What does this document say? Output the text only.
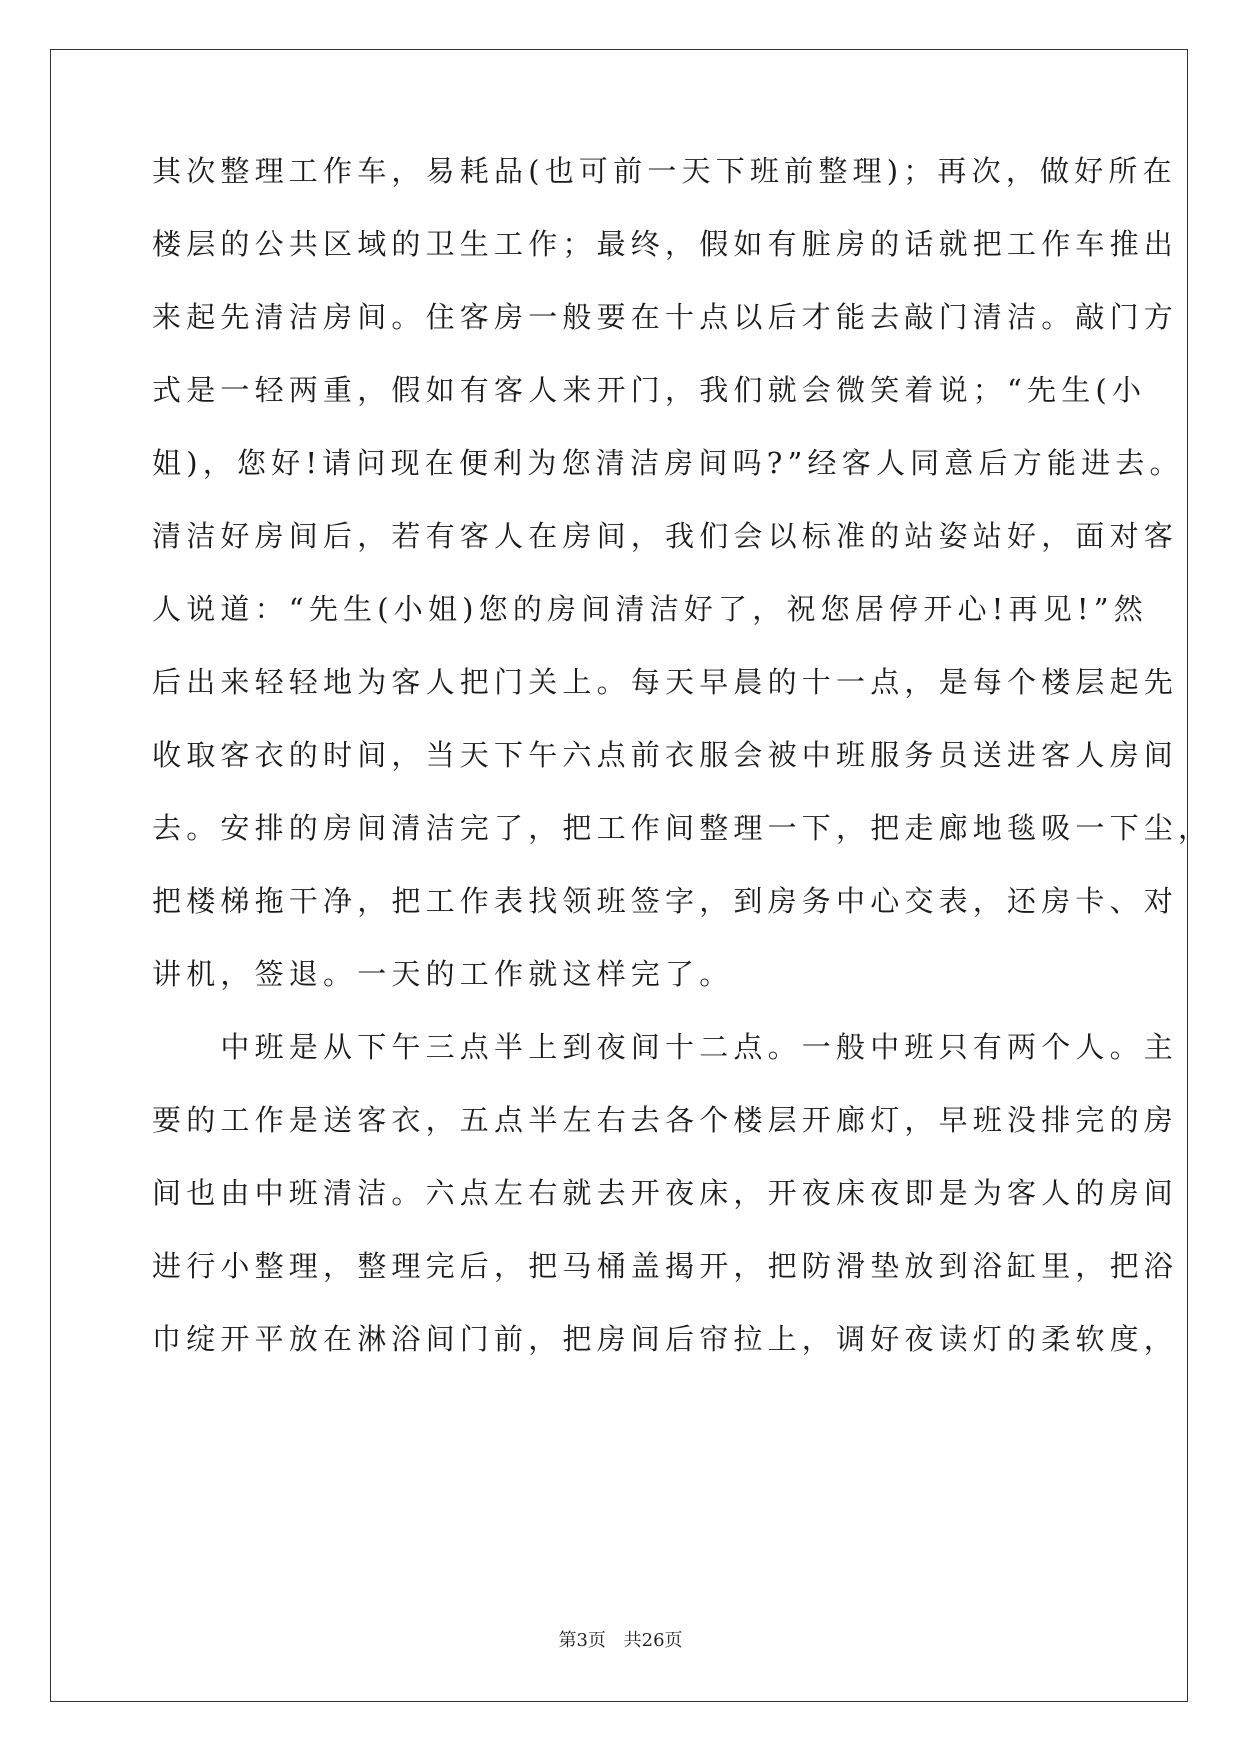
其次整理工作车，易耗品(也可前一天下班前整理)；再次，做好所在
楼层的公共区域的卫生工作；最终，假如有脏房的话就把工作车推出
来起先清洁房间。住客房一般要在十点以后才能去敲门清洁。敲门方
式是一轻两重，假如有客人来开门，我们就会微笑着说；“先生(小
姐)，您好!请问现在便利为您清洁房间吗?”经客人同意后方能进去。
清洁好房间后，若有客人在房间，我们会以标准的站姿站好，面对客
人说道：“先生(小姐)您的房间清洁好了，祝您居停开心!再见!”然
后出来轻轻地为客人把门关上。每天早晨的十一点，是每个楼层起先
收取客衣的时间，当天下午六点前衣服会被中班服务员送进客人房间
去。安排的房间清洁完了，把工作间整理一下，把走廊地毯吸一下尘，
把楼梯拖干净，把工作表找领班签字，到房务中心交表，还房卡、对
讲机，签退。一天的工作就这样完了。
　　中班是从下午三点半上到夜间十二点。一般中班只有两个人。主
要的工作是送客衣，五点半左右去各个楼层开廊灯，早班没排完的房
间也由中班清洁。六点左右就去开夜床，开夜床夜即是为客人的房间
进行小整理，整理完后，把马桶盖揭开，把防滑垫放到浴缸里，把浴
巾绽开平放在淋浴间门前，把房间后帘拉上，调好夜读灯的柔软度，
第3页 共26页
